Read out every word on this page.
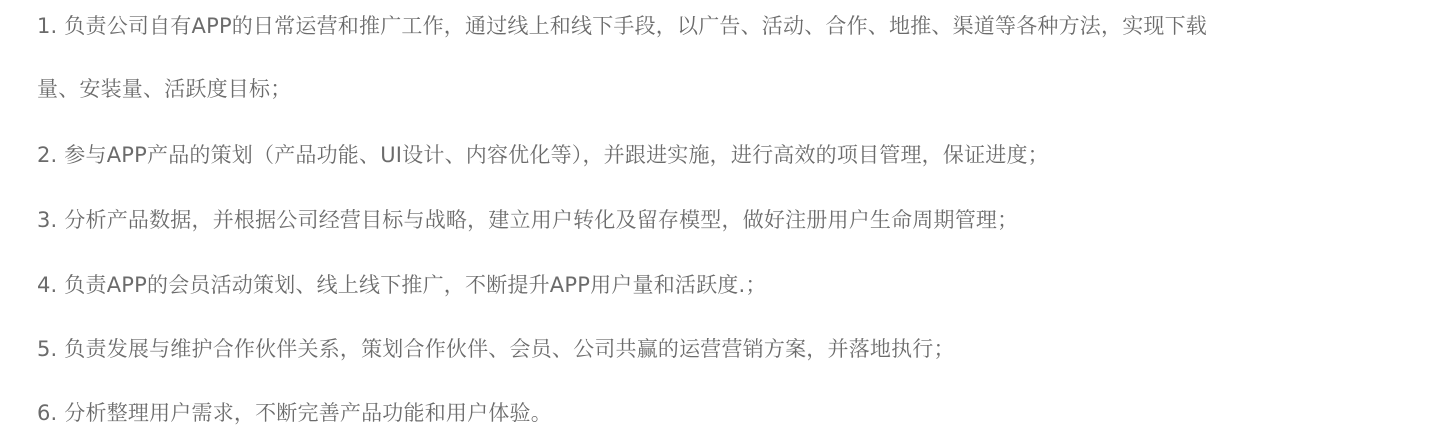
1. 负责公司自有APP的日常运营和推广工作，通过线上和线下手段，以广告、活动、合作、地推、渠道等各种方法，实现下载
量、安装量、活跃度目标；
2. 参与APP产品的策划（产品功能、UI设计、内容优化等），并跟进实施，进行高效的项目管理，保证进度；
3. 分析产品数据，并根据公司经营目标与战略，建立用户转化及留存模型，做好注册用户生命周期管理；
4. 负责APP的会员活动策划、线上线下推广，不断提升APP用户量和活跃度.；
5. 负责发展与维护合作伙伴关系，策划合作伙伴、会员、公司共赢的运营营销方案，并落地执行；
6. 分析整理用户需求，不断完善产品功能和用户体验。
